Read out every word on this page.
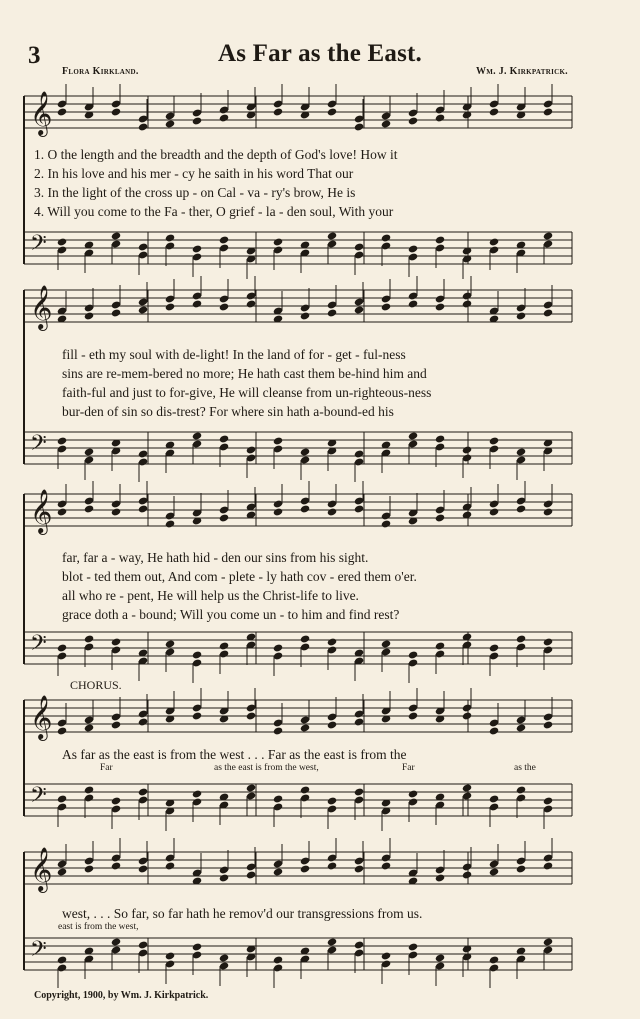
3	As Far as the East.
Flora Kirkland.	Wm. J. Kirkpatrick.
𝄞
𝄢
𝄞
𝄢
𝄞
𝄢
𝄞
𝄢
𝄞
𝄢
1. O the length and the breadth and the depth of God's love! How it
2. In his love and his mer - cy he saith in his word That our
3. In the light of the cross up - on Cal - va - ry's brow, He is
4. Will you come to the Fa - ther, O grief - la - den soul, With your
fill - eth my soul with de-light! In the land of for - get - ful-ness
sins are re-mem-bered no more; He hath cast them be-hind him and
faith-ful and just to for-give, He will cleanse from un-righteous-ness
bur-den of sin so dis-trest? For where sin hath a-bound-ed his
far, far a - way, He hath hid - den our sins from his sight.
blot - ted them out, And com - plete - ly hath cov - ered them o'er.
all who re - pent, He will help us the Christ-life to live.
grace doth a - bound; Will you come un - to him and find rest?
CHORUS.
As far as the east is from the west . . . Far as the east is from the
Far	as the east is from the west,	Far	as the
west, . . . So far, so far hath he remov'd our transgressions from us.
east is from the west,
Copyright, 1900, by Wm. J. Kirkpatrick.
